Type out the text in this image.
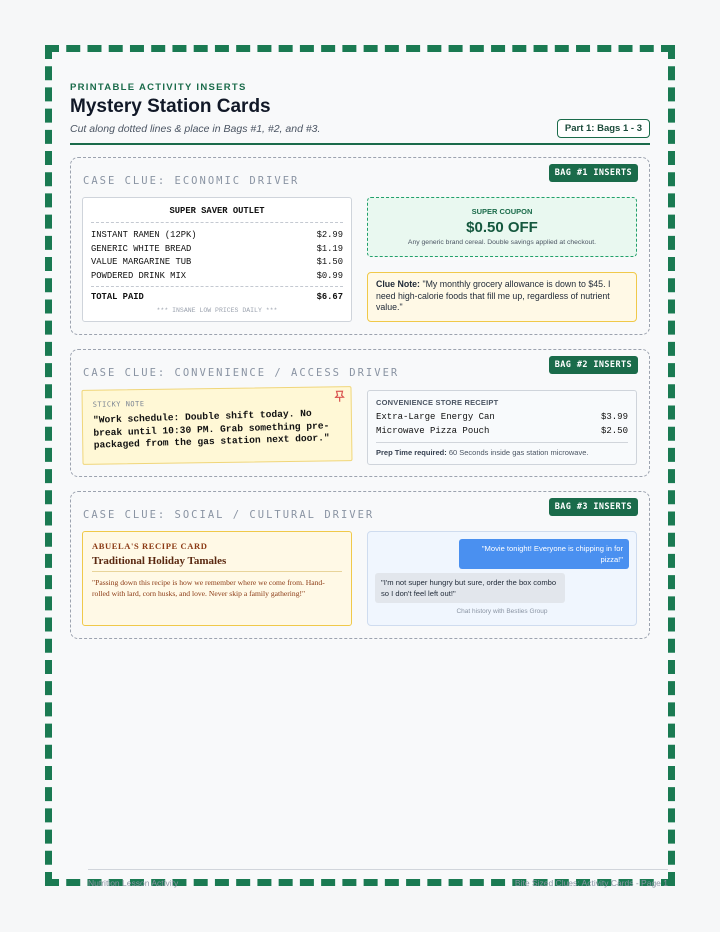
PRINTABLE ACTIVITY INSERTS
Mystery Station Cards
Cut along dotted lines & place in Bags #1, #2, and #3.	Part 1: Bags 1 - 3
CASE CLUE: ECONOMIC DRIVER
BAG #1 INSERTS
SUPER SAVER OUTLET
INSTANT RAMEN (12PK)	$2.99
GENERIC WHITE BREAD	$1.19
VALUE MARGARINE TUB	$1.50
POWDERED DRINK MIX	$0.99
TOTAL PAID	$6.67
*** INSANE LOW PRICES DAILY ***
SUPER COUPON
$0.50 OFF
Any generic brand cereal. Double savings applied at checkout.
Clue Note: "My monthly grocery allowance is down to $45. I need high-calorie foods that fill me up, regardless of nutrient value."
CASE CLUE: CONVENIENCE / ACCESS DRIVER
BAG #2 INSERTS
STICKY NOTE
"Work schedule: Double shift today. No break until 10:30 PM. Grab something pre-packaged from the gas station next door."
CONVENIENCE STORE RECEIPT
Extra-Large Energy Can	$3.99
Microwave Pizza Pouch	$2.50
Prep Time required: 60 Seconds inside gas station microwave.
CASE CLUE: SOCIAL / CULTURAL DRIVER
BAG #3 INSERTS
ABUELA'S RECIPE CARD
Traditional Holiday Tamales
"Passing down this recipe is how we remember where we come from. Hand-rolled with lard, corn husks, and love. Never skip a family gathering!"
"Movie tonight! Everyone is chipping in for pizza!"
"I'm not super hungry but sure, order the box combo so I don't feel left out!"
Chat history with Besties Group
Nutrition Lesson Activity	Bite Sized Clues: Activity Cards - Page 1
